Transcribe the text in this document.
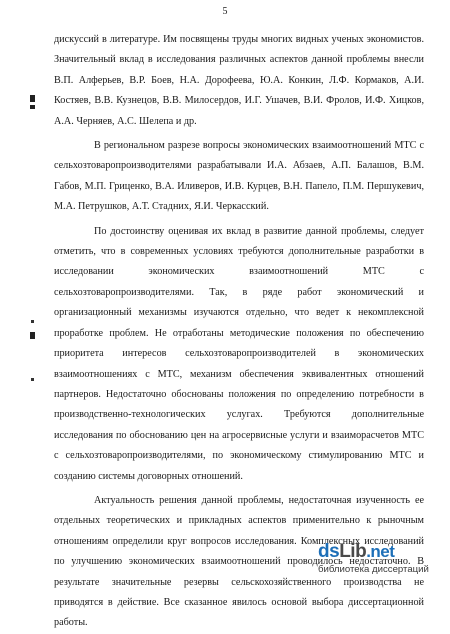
5

дискуссий в литературе. Им посвящены труды многих видных ученых экономистов. Значительный вклад в исследования различных аспектов данной проблемы внесли В.П. Алферьев, В.Р. Боев, Н.А. Дорофеева, Ю.А. Конкин, Л.Ф. Кормаков, А.И. Костяев, В.В. Кузнецов, В.В. Милосердов, И.Г. Ушачев, В.И. Фролов, И.Ф. Хицков, А.А. Черняев, А.С. Шелепа и др.

В региональном разрезе вопросы экономических взаимоотношений МТС с сельхозтоваропроизводителями разрабатывали И.А. Абзаев, А.П. Балашов, В.М. Габов, М.П. Гриценко, В.А. Иливеров, И.В. Курцев, В.Н. Папело, П.М. Першукевич, М.А. Петрушков, А.Т. Стадних, Я.И. Черкасский.

По достоинству оценивая их вклад в развитие данной проблемы, следует отметить, что в современных условиях требуются дополнительные разработки в исследовании экономических взаимоотношений МТС с сельхозтоваропроизводителями. Так, в ряде работ экономический и организационный механизмы изучаются отдельно, что ведет к некомплексной проработке проблем. Не отработаны методические положения по обеспечению приоритета интересов сельхозтоваропроизводителей в экономических взаимоотношениях с МТС, механизм обеспечения эквивалентных отношений партнеров. Недостаточно обоснованы положения по определению потребности в производственно-технологических услугах. Требуются дополнительные исследования по обоснованию цен на агросервисные услуги и взаиморасчетов МТС с сельхозтоваропроизводителями, по экономическому стимулированию МТС и созданию системы договорных отношений.

Актуальность решения данной проблемы, недостаточная изученность ее отдельных теоретических и прикладных аспектов применительно к рыночным отношениям определили круг вопросов исследования. Комплексных исследований по улучшению экономических взаимоотношений проводилось недостаточно. В результате значительные резервы сельскохозяйственного производства не приводятся в действие. Все сказанное явилось основой выбора диссертационной работы.

dsLib.net
библиотека диссертаций
